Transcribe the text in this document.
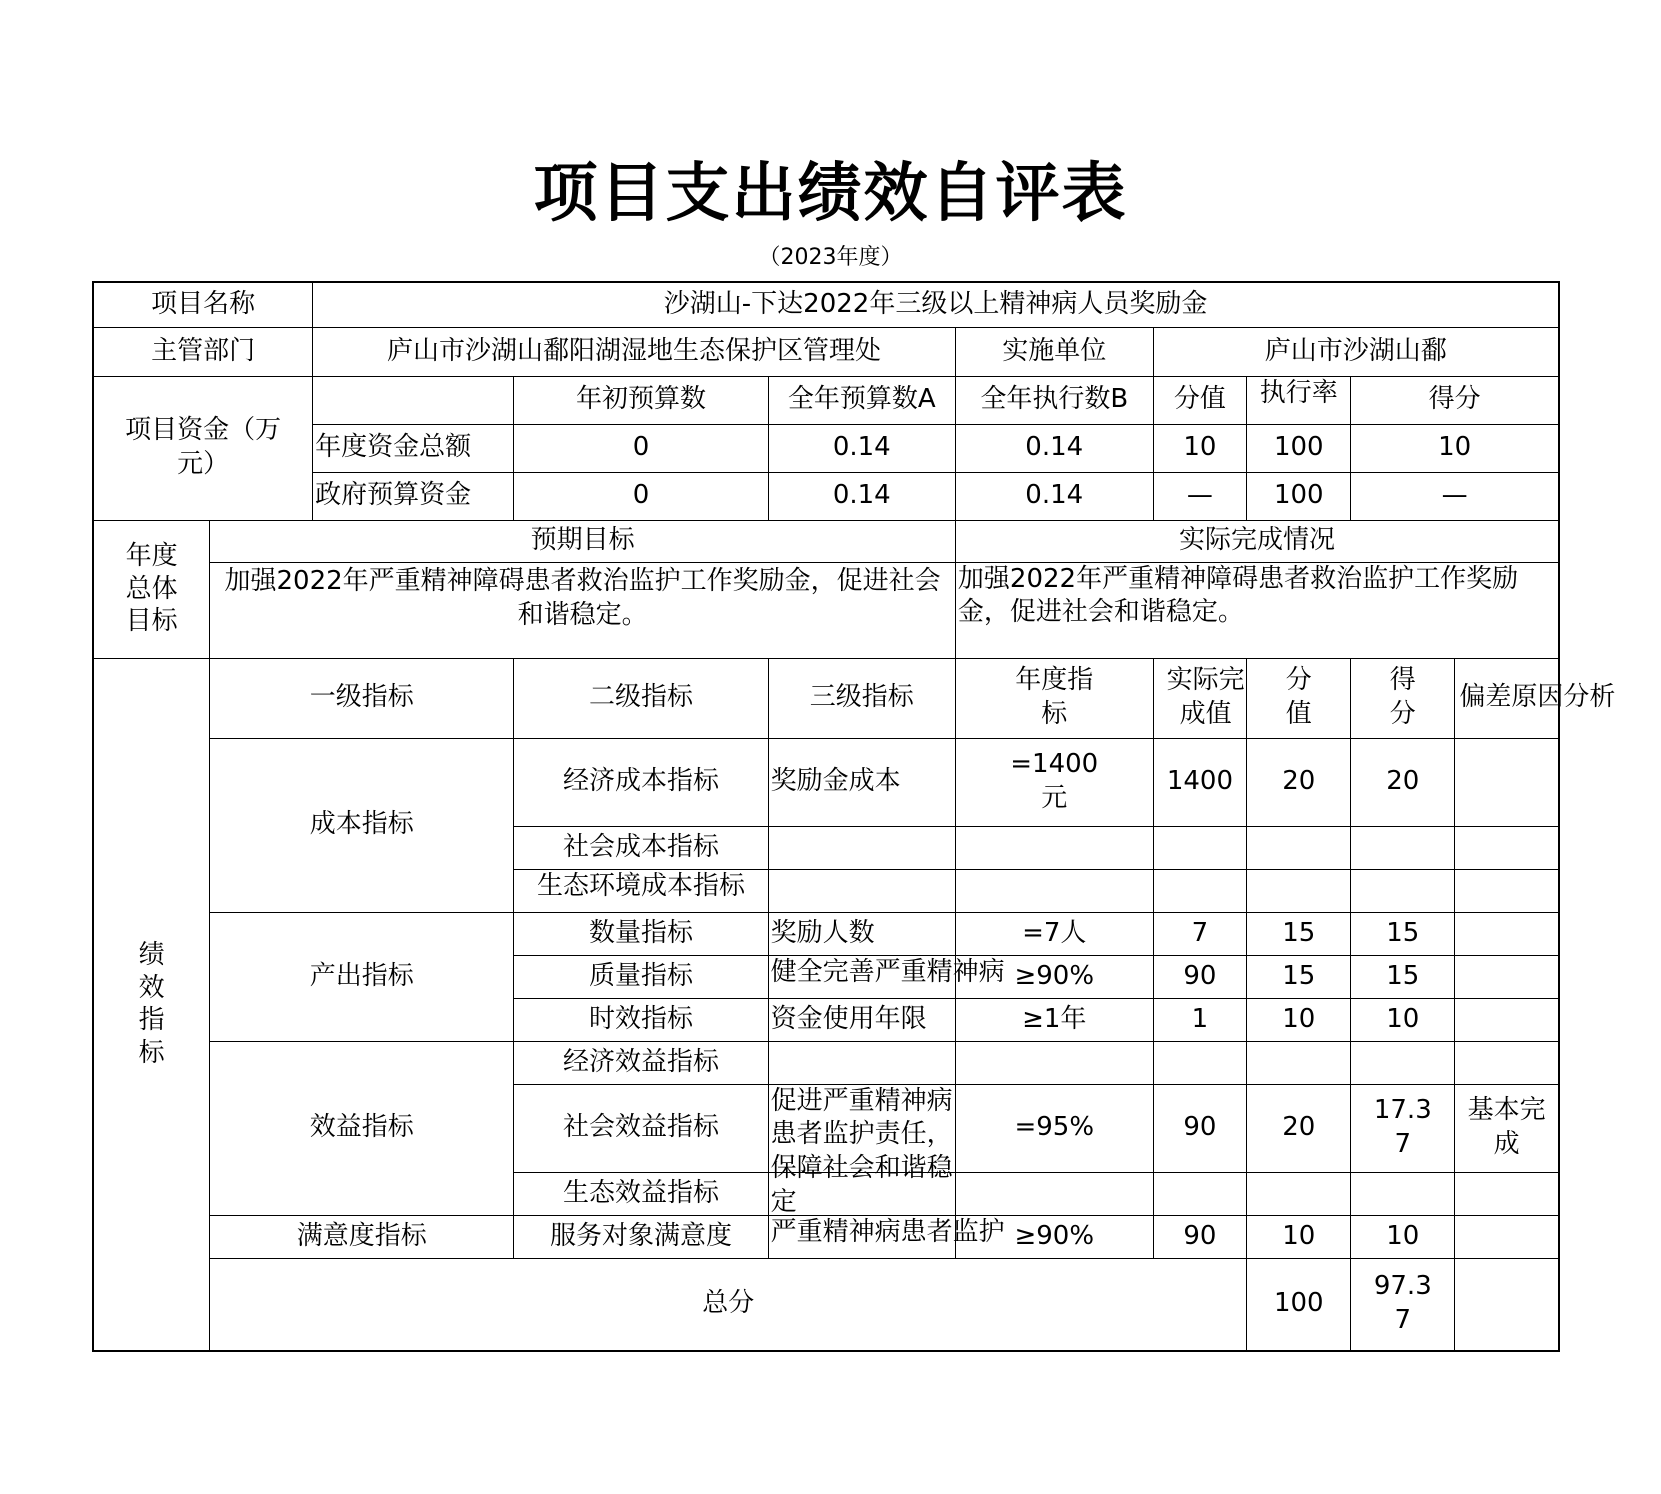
项目支出绩效自评表
（2023年度）
项目名称		沙湖山-下达2022年三级以上精神病人员奖励金							
主管部门		庐山市沙湖山鄱阳湖湿地生态保护区管理处			实施单位	庐山市沙湖山鄱			

项目资金（万元）			年初预算数	全年预算数A	全年执行数B	分值	执行率	得分	
		年度资金总额	0	0.14	0.14	10	100	10	
		政府预算资金	0	0.14	0.14	—	100	—	

年度总体目标	预期目标				实际完成情况				

	加强2022年严重精神障碍患者救治监护工作奖励金，促进社会和谐稳定。				加强2022年严重精神障碍患者救治监护工作奖励金，促进社会和谐稳定。				

绩效指标	一级指标		二级指标	三级指标	年度指标	实际完成值	分值	得分	偏差原因分析

	成本指标		经济成本指标	奖励金成本	=1400元	1400	20	20	
			社会成本指标						

			生态环境成本指标						

	产出指标		数量指标	奖励人数	=7人	7	15	15	
			质量指标	健全完善严重精神病	≥90%	90	15	15	
			时效指标	资金使用年限	≥1年	1	10	10	
	效益指标		经济效益指标						
			社会效益指标	促进严重精神病患者监护责任，保障社会和谐稳定	=95%	90	20	17.37	基本完成
			生态效益指标						
	满意度指标		服务对象满意度	严重精神病患者监护	≥90%	90	10	10	
	总分						100	97.37	
